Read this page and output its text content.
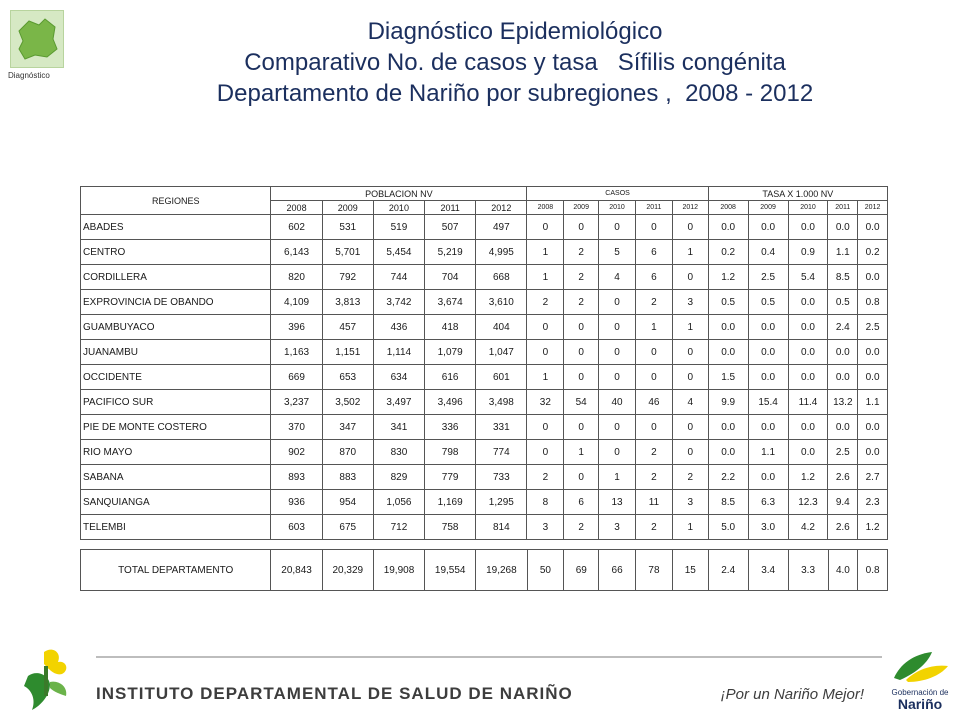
Diagnóstico
Diagnóstico Epidemiológico
Comparativo No. de casos y tasa   Sífilis congénita
Departamento de Nariño por subregiones ,  2008 - 2012
REGIONES	POBLACION NV					CASOS					TASA X 1.000 NV				
	2008	2009	2010	2011	2012	2008	2009	2010	2011	2012	2008	2009	2010	2011	2012
ABADES	602	531	519	507	497	0	0	0	0	0	0.0	0.0	0.0	0.0	0.0
CENTRO	6,143	5,701	5,454	5,219	4,995	1	2	5	6	1	0.2	0.4	0.9	1.1	0.2
CORDILLERA	820	792	744	704	668	1	2	4	6	0	1.2	2.5	5.4	8.5	0.0
EXPROVINCIA DE OBANDO	4,109	3,813	3,742	3,674	3,610	2	2	0	2	3	0.5	0.5	0.0	0.5	0.8
GUAMBUYACO	396	457	436	418	404	0	0	0	1	1	0.0	0.0	0.0	2.4	2.5
JUANAMBU	1,163	1,151	1,114	1,079	1,047	0	0	0	0	0	0.0	0.0	0.0	0.0	0.0
OCCIDENTE	669	653	634	616	601	1	0	0	0	0	1.5	0.0	0.0	0.0	0.0
PACIFICO SUR	3,237	3,502	3,497	3,496	3,498	32	54	40	46	4	9.9	15.4	11.4	13.2	1.1
PIE DE MONTE COSTERO	370	347	341	336	331	0	0	0	0	0	0.0	0.0	0.0	0.0	0.0
RIO MAYO	902	870	830	798	774	0	1	0	2	0	0.0	1.1	0.0	2.5	0.0
SABANA	893	883	829	779	733	2	0	1	2	2	2.2	0.0	1.2	2.6	2.7
SANQUIANGA	936	954	1,056	1,169	1,295	8	6	13	11	3	8.5	6.3	12.3	9.4	2.3
TELEMBI	603	675	712	758	814	3	2	3	2	1	5.0	3.0	4.2	2.6	1.2
TOTAL DEPARTAMENTO	20,843	20,329	19,908	19,554	19,268	50	69	66	78	15	2.4	3.4	3.3	4.0	0.8
INSTITUTO DEPARTAMENTAL DE SALUD DE NARIÑO	¡Por un Nariño Mejor!	Gobernación de
Nariño
